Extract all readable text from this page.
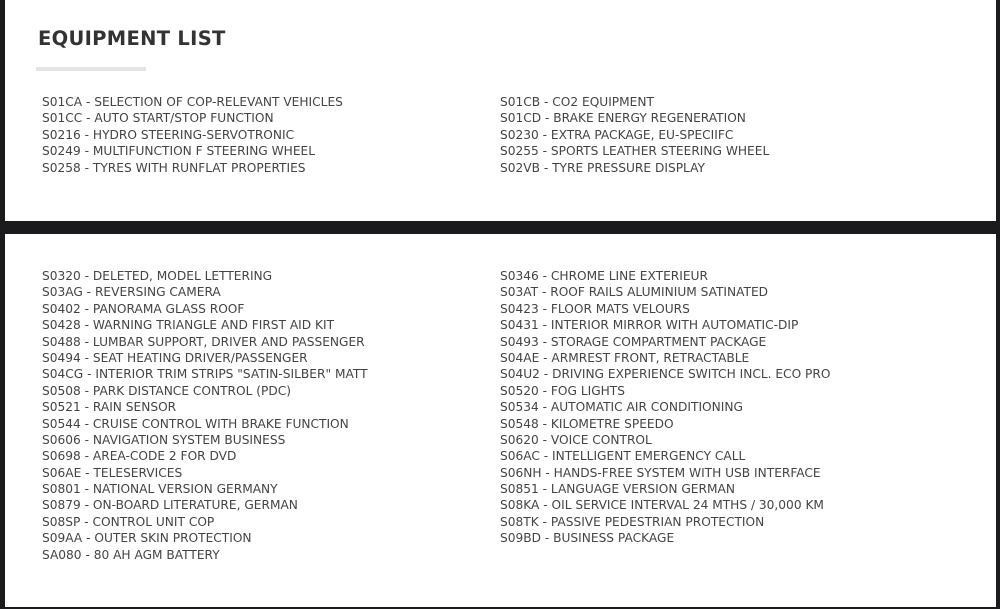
EQUIPMENT LIST
S01CA - SELECTION OF COP-RELEVANT VEHICLES
S01CC - AUTO START/STOP FUNCTION
S0216 - HYDRO STEERING-SERVOTRONIC
S0249 - MULTIFUNCTION F STEERING WHEEL
S0258 - TYRES WITH RUNFLAT PROPERTIES
S01CB - CO2 EQUIPMENT
S01CD - BRAKE ENERGY REGENERATION
S0230 - EXTRA PACKAGE, EU-SPECIIFC
S0255 - SPORTS LEATHER STEERING WHEEL
S02VB - TYRE PRESSURE DISPLAY
S0320 - DELETED, MODEL LETTERING
S03AG - REVERSING CAMERA
S0402 - PANORAMA GLASS ROOF
S0428 - WARNING TRIANGLE AND FIRST AID KIT
S0488 - LUMBAR SUPPORT, DRIVER AND PASSENGER
S0494 - SEAT HEATING DRIVER/PASSENGER
S04CG - INTERIOR TRIM STRIPS "SATIN-SILBER" MATT
S0508 - PARK DISTANCE CONTROL (PDC)
S0521 - RAIN SENSOR
S0544 - CRUISE CONTROL WITH BRAKE FUNCTION
S0606 - NAVIGATION SYSTEM BUSINESS
S0698 - AREA-CODE 2 FOR DVD
S06AE - TELESERVICES
S0801 - NATIONAL VERSION GERMANY
S0879 - ON-BOARD LITERATURE, GERMAN
S08SP - CONTROL UNIT COP
S09AA - OUTER SKIN PROTECTION
SA080 - 80 AH AGM BATTERY
S0346 - CHROME LINE EXTERIEUR
S03AT - ROOF RAILS ALUMINIUM SATINATED
S0423 - FLOOR MATS VELOURS
S0431 - INTERIOR MIRROR WITH AUTOMATIC-DIP
S0493 - STORAGE COMPARTMENT PACKAGE
S04AE - ARMREST FRONT, RETRACTABLE
S04U2 - DRIVING EXPERIENCE SWITCH INCL. ECO PRO
S0520 - FOG LIGHTS
S0534 - AUTOMATIC AIR CONDITIONING
S0548 - KILOMETRE SPEEDO
S0620 - VOICE CONTROL
S06AC - INTELLIGENT EMERGENCY CALL
S06NH - HANDS-FREE SYSTEM WITH USB INTERFACE
S0851 - LANGUAGE VERSION GERMAN
S08KA - OIL SERVICE INTERVAL 24 MTHS / 30,000 KM
S08TK - PASSIVE PEDESTRIAN PROTECTION
S09BD - BUSINESS PACKAGE
